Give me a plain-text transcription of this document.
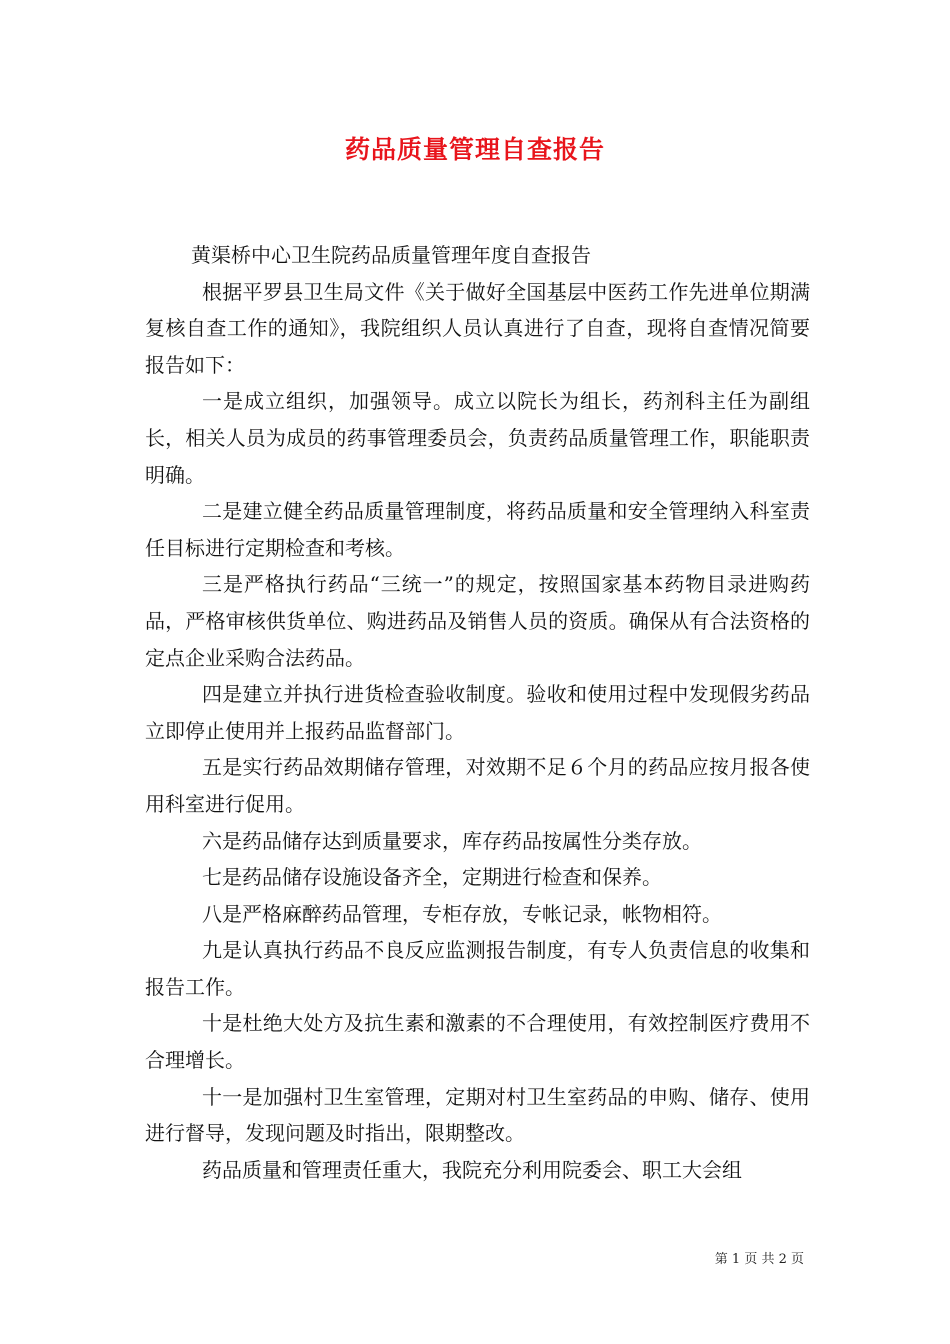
药品质量管理自查报告

黄渠桥中心卫生院药品质量管理年度自查报告

根据平罗县卫生局文件《关于做好全国基层中医药工作先进单位期满复核自查工作的通知》，我院组织人员认真进行了自查，现将自查情况简要报告如下：

一是成立组织，加强领导。成立以院长为组长，药剂科主任为副组长，相关人员为成员的药事管理委员会，负责药品质量管理工作，职能职责明确。

二是建立健全药品质量管理制度，将药品质量和安全管理纳入科室责任目标进行定期检查和考核。

三是严格执行药品“三统一”的规定，按照国家基本药物目录进购药品，严格审核供货单位、购进药品及销售人员的资质。确保从有合法资格的定点企业采购合法药品。

四是建立并执行进货检查验收制度。验收和使用过程中发现假劣药品立即停止使用并上报药品监督部门。

五是实行药品效期储存管理，对效期不足６个月的药品应按月报各使用科室进行促用。

六是药品储存达到质量要求，库存药品按属性分类存放。

七是药品储存设施设备齐全，定期进行检查和保养。

八是严格麻醉药品管理，专柜存放，专帐记录，帐物相符。

九是认真执行药品不良反应监测报告制度，有专人负责信息的收集和报告工作。

十是杜绝大处方及抗生素和激素的不合理使用，有效控制医疗费用不合理增长。

十一是加强村卫生室管理，定期对村卫生室药品的申购、储存、使用进行督导，发现问题及时指出，限期整改。

药品质量和管理责任重大，我院充分利用院委会、职工大会组

第 1 页 共 2 页
